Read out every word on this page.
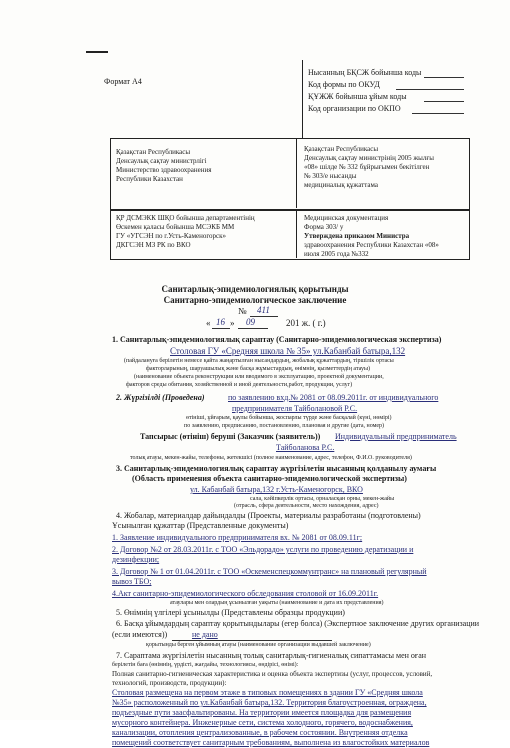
Формат А4
Нысанның БҚСЖ бойынша коды
Код формы по ОКУД
ҚҰЖЖ бойынша ұйым коды
Код организации по ОКПО
Қазақстан Республикасы
Денсаулық сақтау министрлігі
Министерство здравоохранения
Республики Казахстан
Қазақстан Республикасы
Денсаулық сақтау министрінің 2005 жылғы
«08» шілде № 332 бұйрығымен бекітілген
№ 303/е нысанды
медициналық құжаттама
ҚР ДСМЭКК ШҚО бойынша департаментінің
Өскемен қаласы бойынша МСЭКБ ММ
ГУ «УГСЭН по г.Усть-Каменогорск»
ДКГСЭН МЗ РК по ВКО
Медицинская документация
Форма 303/ у
Утверждена приказом Министра
здравоохранения Республики Казахстан «08»
июля 2005 года №332
Санитарлық-эпидемиологиялық қорытынды
Санитарно-эпидемиологическое заключение
№ 411
« 16 » 09	201 ж. ( г.)
1. Санитарлық-эпидемиологиялық сараптау (Санитарно-эпидемиологическая экспертиза)
Столовая ГУ «Средняя школа № 35» ул.Кабанбай батыра,132
(пайдалануға берілетін немесе қайта жаңартылған нысандардың, жобалық құжаттардың, тіршілік ортасы
факторларының, шаруашылық және басқа жұмыстардың, өнімнің, қызметтердің атауы)
(наименование объекта реконструкции или вводимого в эксплуатацию, проектной документации,
факторов среды обитания, хозяйственной и иной деятельности,работ, продукции, услуг)
2. Жүргізілді (Проведена)	по заявлению вхд.№ 2081 от 08.09.2011г. от индивидуального
предпринимателя Тайболановой Р.С.
өтініші, ұйғарым, қаулы бойынша, жоспарлы түрде және басқалай (күні, нөмірі)
по заявлению, предписанию, постановлению, плановая и другие (дата, номер)
Тапсырыс (өтініш) беруші (Заказчик (заявитель)) Индивидуальный предприниматель
Тайболанова Р.С.
толық атауы, мекен-жайы, телефоны, жетекшісі (полное наименование, адрес, телефон, Ф.И.О. руководителя)
3. Санитарлық-эпидемиологиялық сараптау жүргізілетін нысанның қолданылу аумағы
(Область применения объекта санитарно-эпидемиологической экспертизы)
ул. Кабанбай батыра,132 г.Усть-Каменогорск, ВКО
сала, кәйіпкерлік ортасы, орналасқан орны, мекен-жайы
(отрасль, сфера деятельности, место нахождения, адрес)
4. Жобалар, материалдар дайындалды (Проекты, материалы разработаны (подготовлены)
Ұсынылған құжаттар (Представленные документы)
1. Заявление индивидуального предпринимателя вх. № 2081 от 08.09.11г;
2. Договор №2 от 28.03.2011г. с ТОО «Эльдорадо» услуги по проведению дератизации и
дезинфекции;
3. Договор № 1 от 01.04.2011г. с ТОО «Оскеменспецкоммунтранс» на плановый регулярный
вывоз ТБО;
4.Акт санитарно-эпидемиологического обследования столовой от 16.09.2011г.
атаулары мен олардың ұсынылған уақыты (наименование и дата их представления)
5. Өнімнің үлгілері ұсынылды (Представлены образцы продукции)
6. Басқа ұйымдардың сараптау қорытындылары (егер болса) (Экспертное заключение других организации
(если имеются))	не дано
қорытынды берген ұйымның атауы (наименование организации выдавшей заключение)
7. Сараптама жүргізілетін нысанның толық санитарлық-гигиеналық сипаттамасы мен оған
берілетін баға (өнімнің, үрдісті, жағдайы, технологиясы, өндірісі, өнімі):
Полная санитарно-гигиеническая характеристика и оценка объекта экспертизы (услуг, процессов, условий,
технологий, производств, продукции):
Столовая размещена на первом этаже в типовых помещениях в здании ГУ «Средняя школа
№35» расположенный по ул.Кабанбай батыра,132. Территория благоустроенная, огражденa,
подъездные пути заасфальтированы. На территории имеется площадка для размещения
мусорного контейнера. Инженерные сети, система холодного, горячего, водоснабжения,
канализации, отопления централизованные, в рабочем состоянии. Внутренняя отделка
помещений соответствует санитарным требованиям, выполнена из влагостойких материалов
